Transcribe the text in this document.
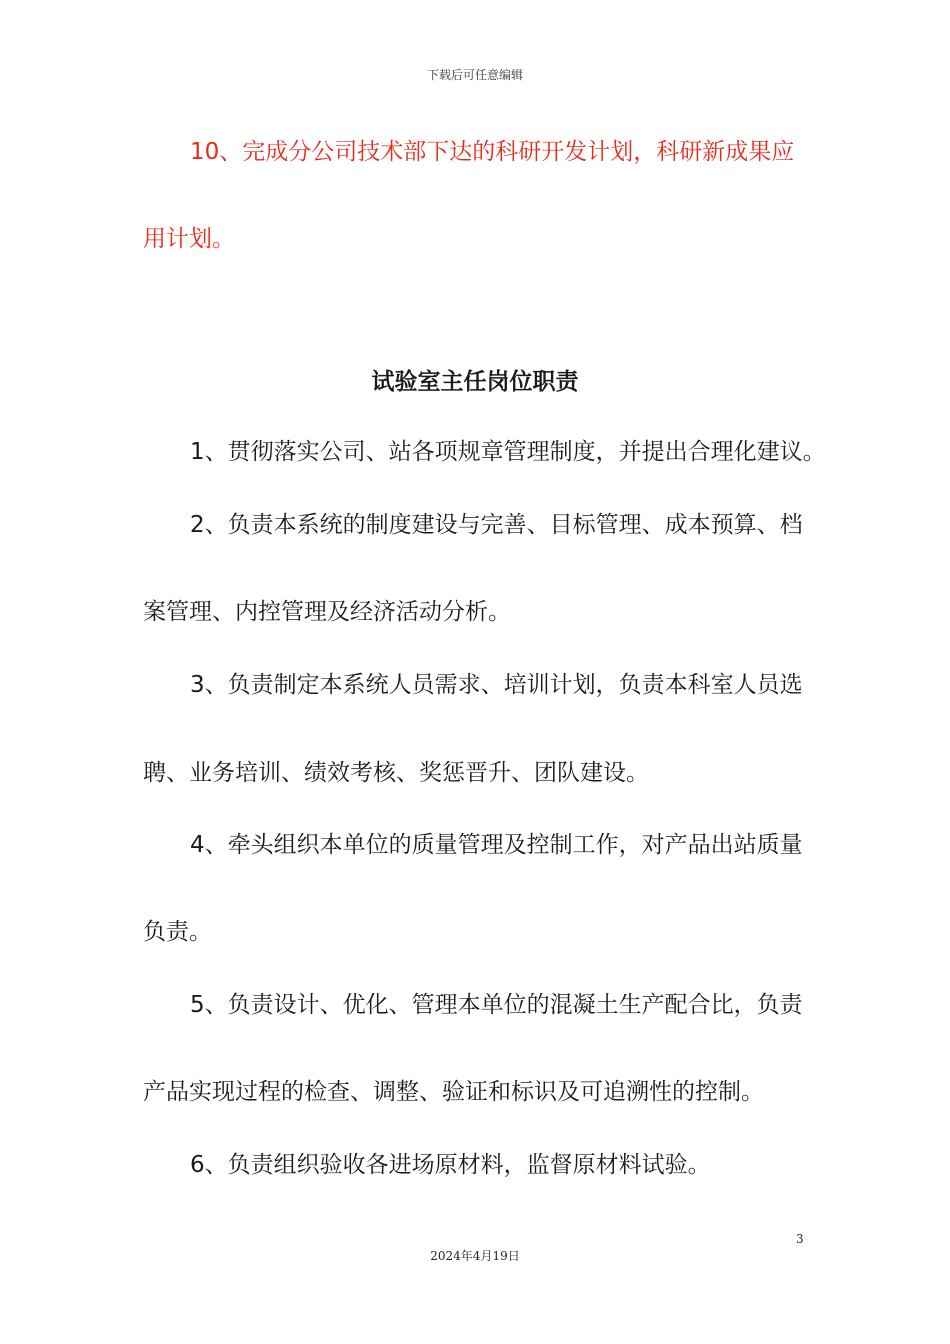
下载后可任意编辑
10、完成分公司技术部下达的科研开发计划，科研新成果应
用计划。
试验室主任岗位职责
1、贯彻落实公司、站各项规章管理制度，并提出合理化建议。
2、负责本系统的制度建设与完善、目标管理、成本预算、档
案管理、内控管理及经济活动分析。
3、负责制定本系统人员需求、培训计划，负责本科室人员选
聘、业务培训、绩效考核、奖惩晋升、团队建设。
4、牵头组织本单位的质量管理及控制工作，对产品出站质量
负责。
5、负责设计、优化、管理本单位的混凝土生产配合比，负责
产品实现过程的检查、调整、验证和标识及可追溯性的控制。
6、负责组织验收各进场原材料，监督原材料试验。
3
2024年4月19日
